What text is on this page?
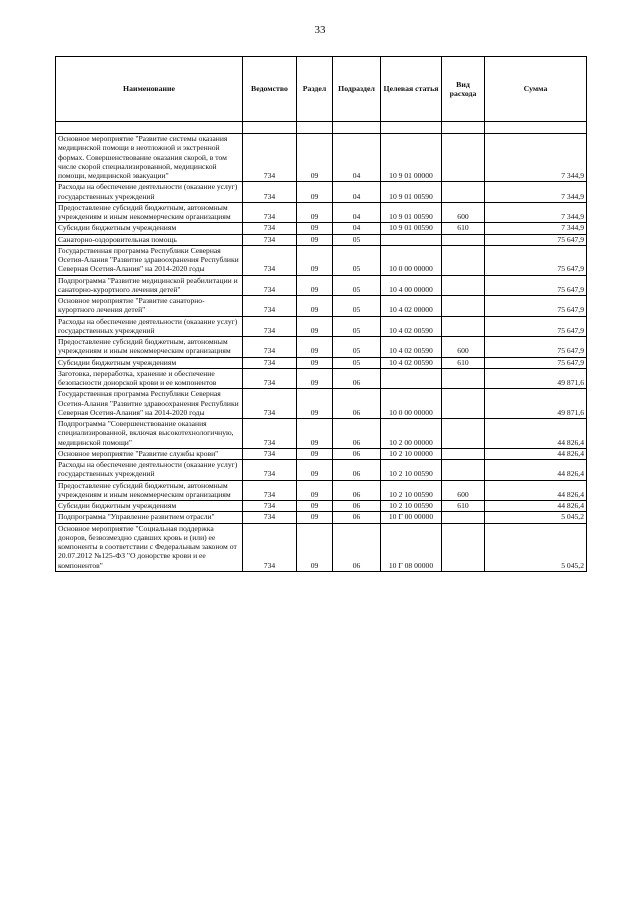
33
Наименование	Ведомство	Раздел	Подраздел	Целевая статья	Вид расхода	Сумма

Основное мероприятие "Развитие системы оказания медицинской помощи в неотложной и экстренной формах. Совершенствование оказания скорой, в том числе скорой специализированной, медицинской помощи, медицинской эвакуации"	734	09	04	10 9 01 00000		7 344,9
Расходы на обеспечение деятельности (оказание услуг) государственных учреждений	734	09	04	10 9 01 00590		7 344,9
Предоставление субсидий бюджетным, автономным учреждениям и иным некоммерческим организациям	734	09	04	10 9 01 00590	600	7 344,9
Субсидии бюджетным учреждениям	734	09	04	10 9 01 00590	610	7 344,9
Санаторно-оздоровительная помощь	734	09	05			75 647,9
Государственная программа Республики Северная Осетия-Алания "Развитие здравоохранения Республики Северная Осетия-Алания" на 2014-2020 годы	734	09	05	10 0 00 00000		75 647,9
Подпрограмма "Развитие медицинской реабилитации и санаторно-курортного лечения детей"	734	09	05	10 4 00 00000		75 647,9
Основное мероприятие "Развитие санаторно-курортного лечения детей"	734	09	05	10 4 02 00000		75 647,9
Расходы на обеспечение деятельности (оказание услуг) государственных учреждений	734	09	05	10 4 02 00590		75 647,9
Предоставление субсидий бюджетным, автономным учреждениям и иным некоммерческим организациям	734	09	05	10 4 02 00590	600	75 647,9
Субсидии бюджетным учреждениям	734	09	05	10 4 02 00590	610	75 647,9
Заготовка, переработка, хранение и обеспечение безопасности донорской крови и ее компонентов	734	09	06			49 871,6
Государственная программа Республики Северная Осетия-Алания "Развитие здравоохранения Республики Северная Осетия-Алания" на 2014-2020 годы	734	09	06	10 0 00 00000		49 871,6
Подпрограмма "Совершенствование оказания специализированной, включая высокотехнологичную, медицинской помощи"	734	09	06	10 2 00 00000		44 826,4
Основное мероприятие "Развитие службы крови"	734	09	06	10 2 10 00000		44 826,4
Расходы на обеспечение деятельности (оказание услуг) государственных учреждений	734	09	06	10 2 10 00590		44 826,4
Предоставление субсидий бюджетным, автономным учреждениям и иным некоммерческим организациям	734	09	06	10 2 10 00590	600	44 826,4
Субсидии бюджетным учреждениям	734	09	06	10 2 10 00590	610	44 826,4
Подпрограмма "Управление развитием отрасли"	734	09	06	10 Г 00 00000		5 045,2
Основное мероприятие "Социальная поддержка доноров, безвозмездно сдавших кровь и (или) ее компоненты в соответствии с Федеральным законом от 20.07.2012 №125-ФЗ "О донорстве крови и ее компонентов"	734	09	06	10 Г 08 00000		5 045,2
